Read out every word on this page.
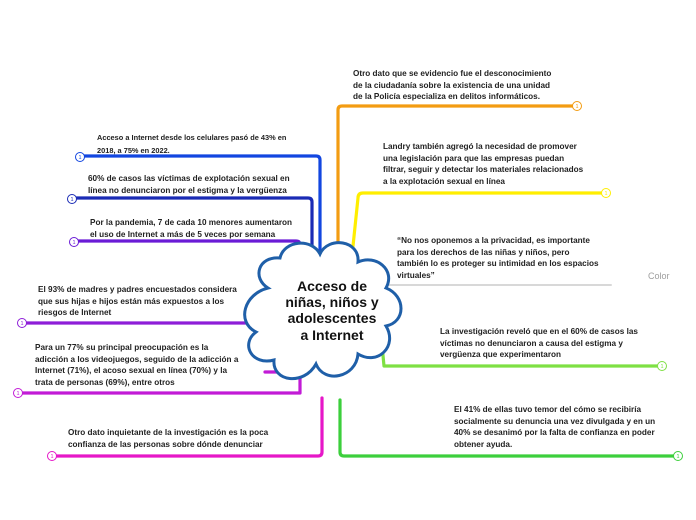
1
1
1
1
1
1
1
1
1
1
Acceso de
niñas, niños y
adolescentes
a Internet
Otro dato que se evidencio fue el desconocimiento
de la ciudadanía sobre la existencia de una unidad
de la Policía especializa en delitos informáticos.
Landry también agregó la necesidad de promover
una legislación para que las empresas puedan
filtrar, seguir y detectar los materiales relacionados
a la explotación sexual en línea
“No nos oponemos a la privacidad, es importante
para los derechos de las niñas y niños, pero
también lo es proteger su intimidad en los espacios
virtuales”
La investigación reveló que en el 60% de casos las
víctimas no denunciaron a causa del estigma y
vergüenza que experimentaron
El 41% de ellas tuvo temor del cómo se recibiría
socialmente su denuncia una vez divulgada y en un
40% se desanimó por la falta de confianza en poder
obtener ayuda.
Acceso a Internet desde los celulares pasó de 43% en
2018, a 75% en 2022.
60% de casos las víctimas de explotación sexual en
línea no denunciaron por el estigma y la vergüenza
Por la pandemia, 7 de cada 10 menores aumentaron
el uso de Internet a más de 5 veces por semana
El 93% de madres y padres encuestados considera
que sus hijas e hijos están más expuestos a los
riesgos de Internet
Para un 77% su principal preocupación es la
adicción a los videojuegos, seguido de la adicción a
Internet (71%), el acoso sexual en línea (70%) y la
trata de personas (69%), entre otros
Otro dato inquietante de la investigación es la poca
confianza de las personas sobre dónde denunciar
Color
